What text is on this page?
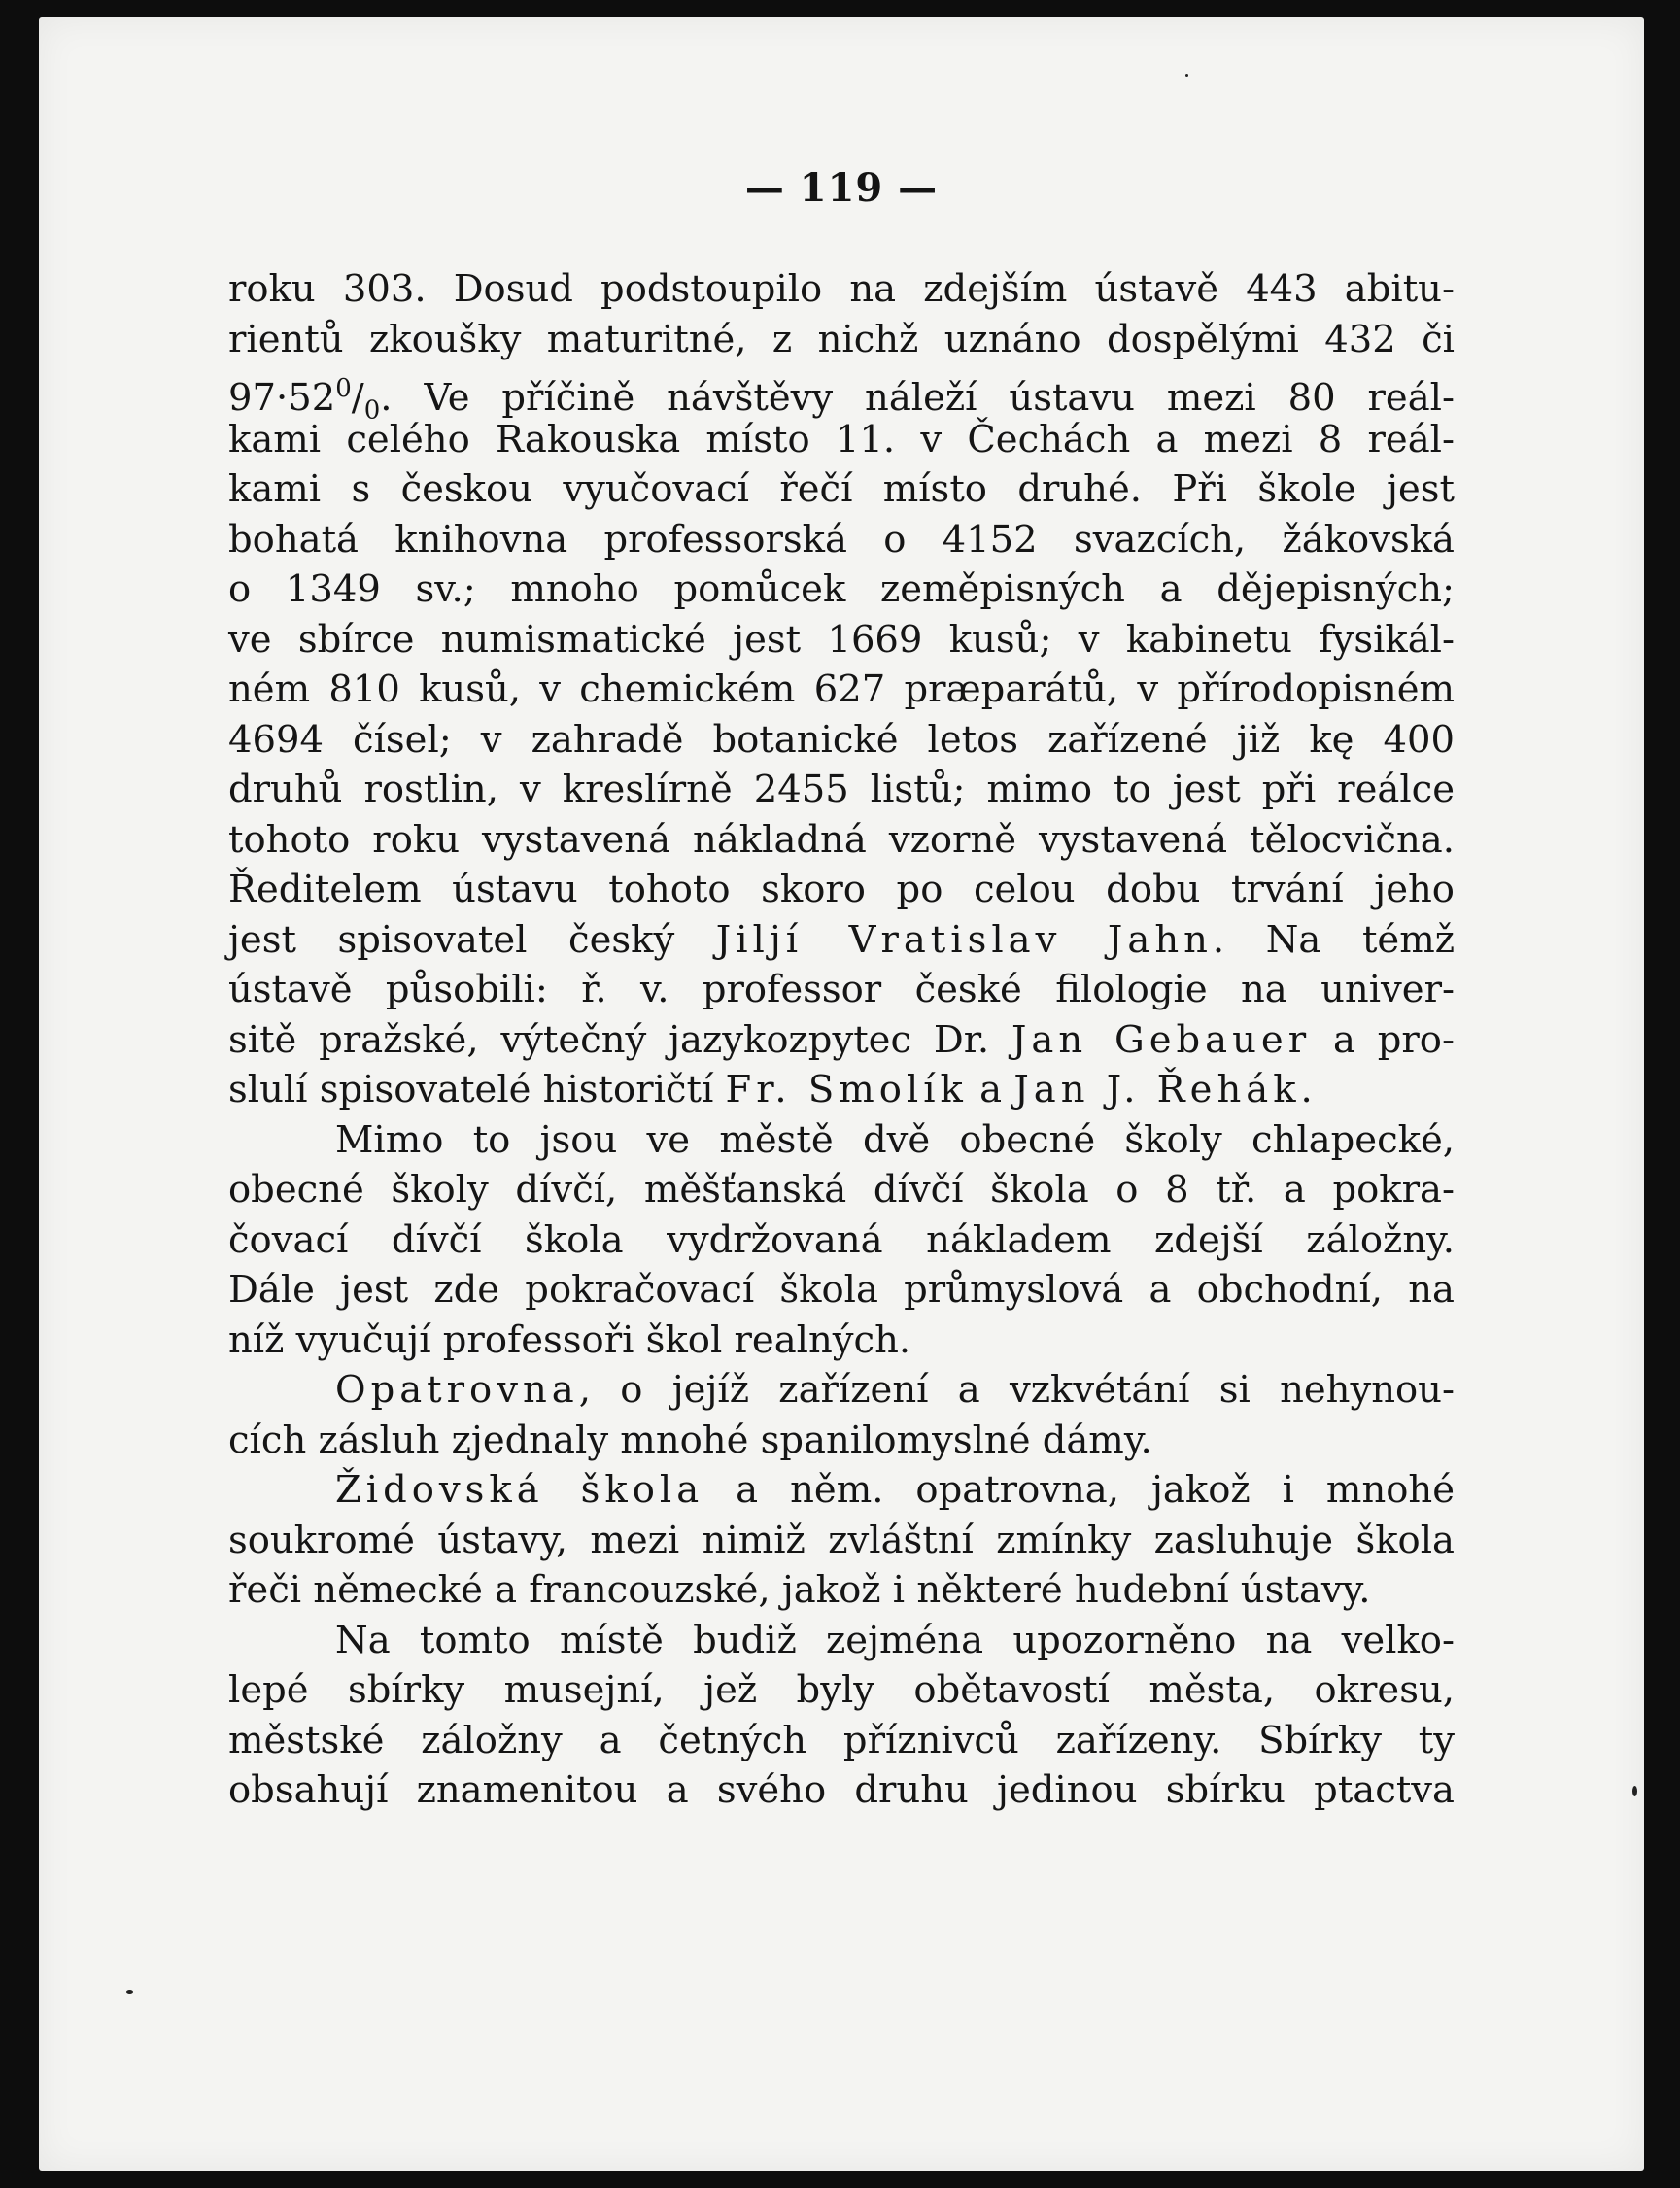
— 119 —
roku 303. Dosud podstoupilo na zdejším ústavě 443 abitu-
rientů zkoušky maturitné, z nichž uznáno dospělými 432 či
$97\cdot 52^0/_0$. Ve příčině návštěvy náleží ústavu mezi 80 reál-
kami celého Rakouska místo 11. v Čechách a mezi 8 reál-
kami s českou vyučovací řečí místo druhé. Při škole jest
bohatá knihovna professorská o 4152 svazcích, žákovská
o 1349 sv.; mnoho pomůcek zeměpisných a dějepisných;
ve sbírce numismatické jest 1669 kusů; v kabinetu fysikál-
ném 810 kusů, v chemickém 627 præparátů, v přírodopisném
4694 čísel; v zahradě botanické letos zařízené již kę 400
druhů rostlin, v kreslírně 2455 listů; mimo to jest při reálce
tohoto roku vystavená nákladná vzorně vystavená tělocvična.
Ředitelem ústavu tohoto skoro po celou dobu trvání jeho
jest spisovatel český Jiljí Vratislav Jahn. Na témž
ústavě působili: ř. v. professor české filologie na univer-
sitě pražské, výtečný jazykozpytec Dr. Jan Gebauer a pro-
slulí spisovatelé historičtí Fr. Smolík a Jan J. Řehák.
Mimo to jsou ve městě dvě obecné školy chlapecké,
obecné školy dívčí, měšťanská dívčí škola o 8 tř. a pokra-
čovací dívčí škola vydržovaná nákladem zdejší záložny.
Dále jest zde pokračovací škola průmyslová a obchodní, na
níž vyučují professoři škol realných.
Opatrovna, o jejíž zařízení a vzkvétání si nehynou-
cích zásluh zjednaly mnohé spanilomyslné dámy.
Židovská škola a něm. opatrovna, jakož i mnohé
soukromé ústavy, mezi nimiž zvláštní zmínky zasluhuje škola
řeči německé a francouzské, jakož i některé hudební ústavy.
Na tomto místě budiž zejména upozorněno na velko-
lepé sbírky musejní, jež byly obětavostí města, okresu,
městské záložny a četných příznivců zařízeny. Sbírky ty
obsahují znamenitou a svého druhu jedinou sbírku ptactva
